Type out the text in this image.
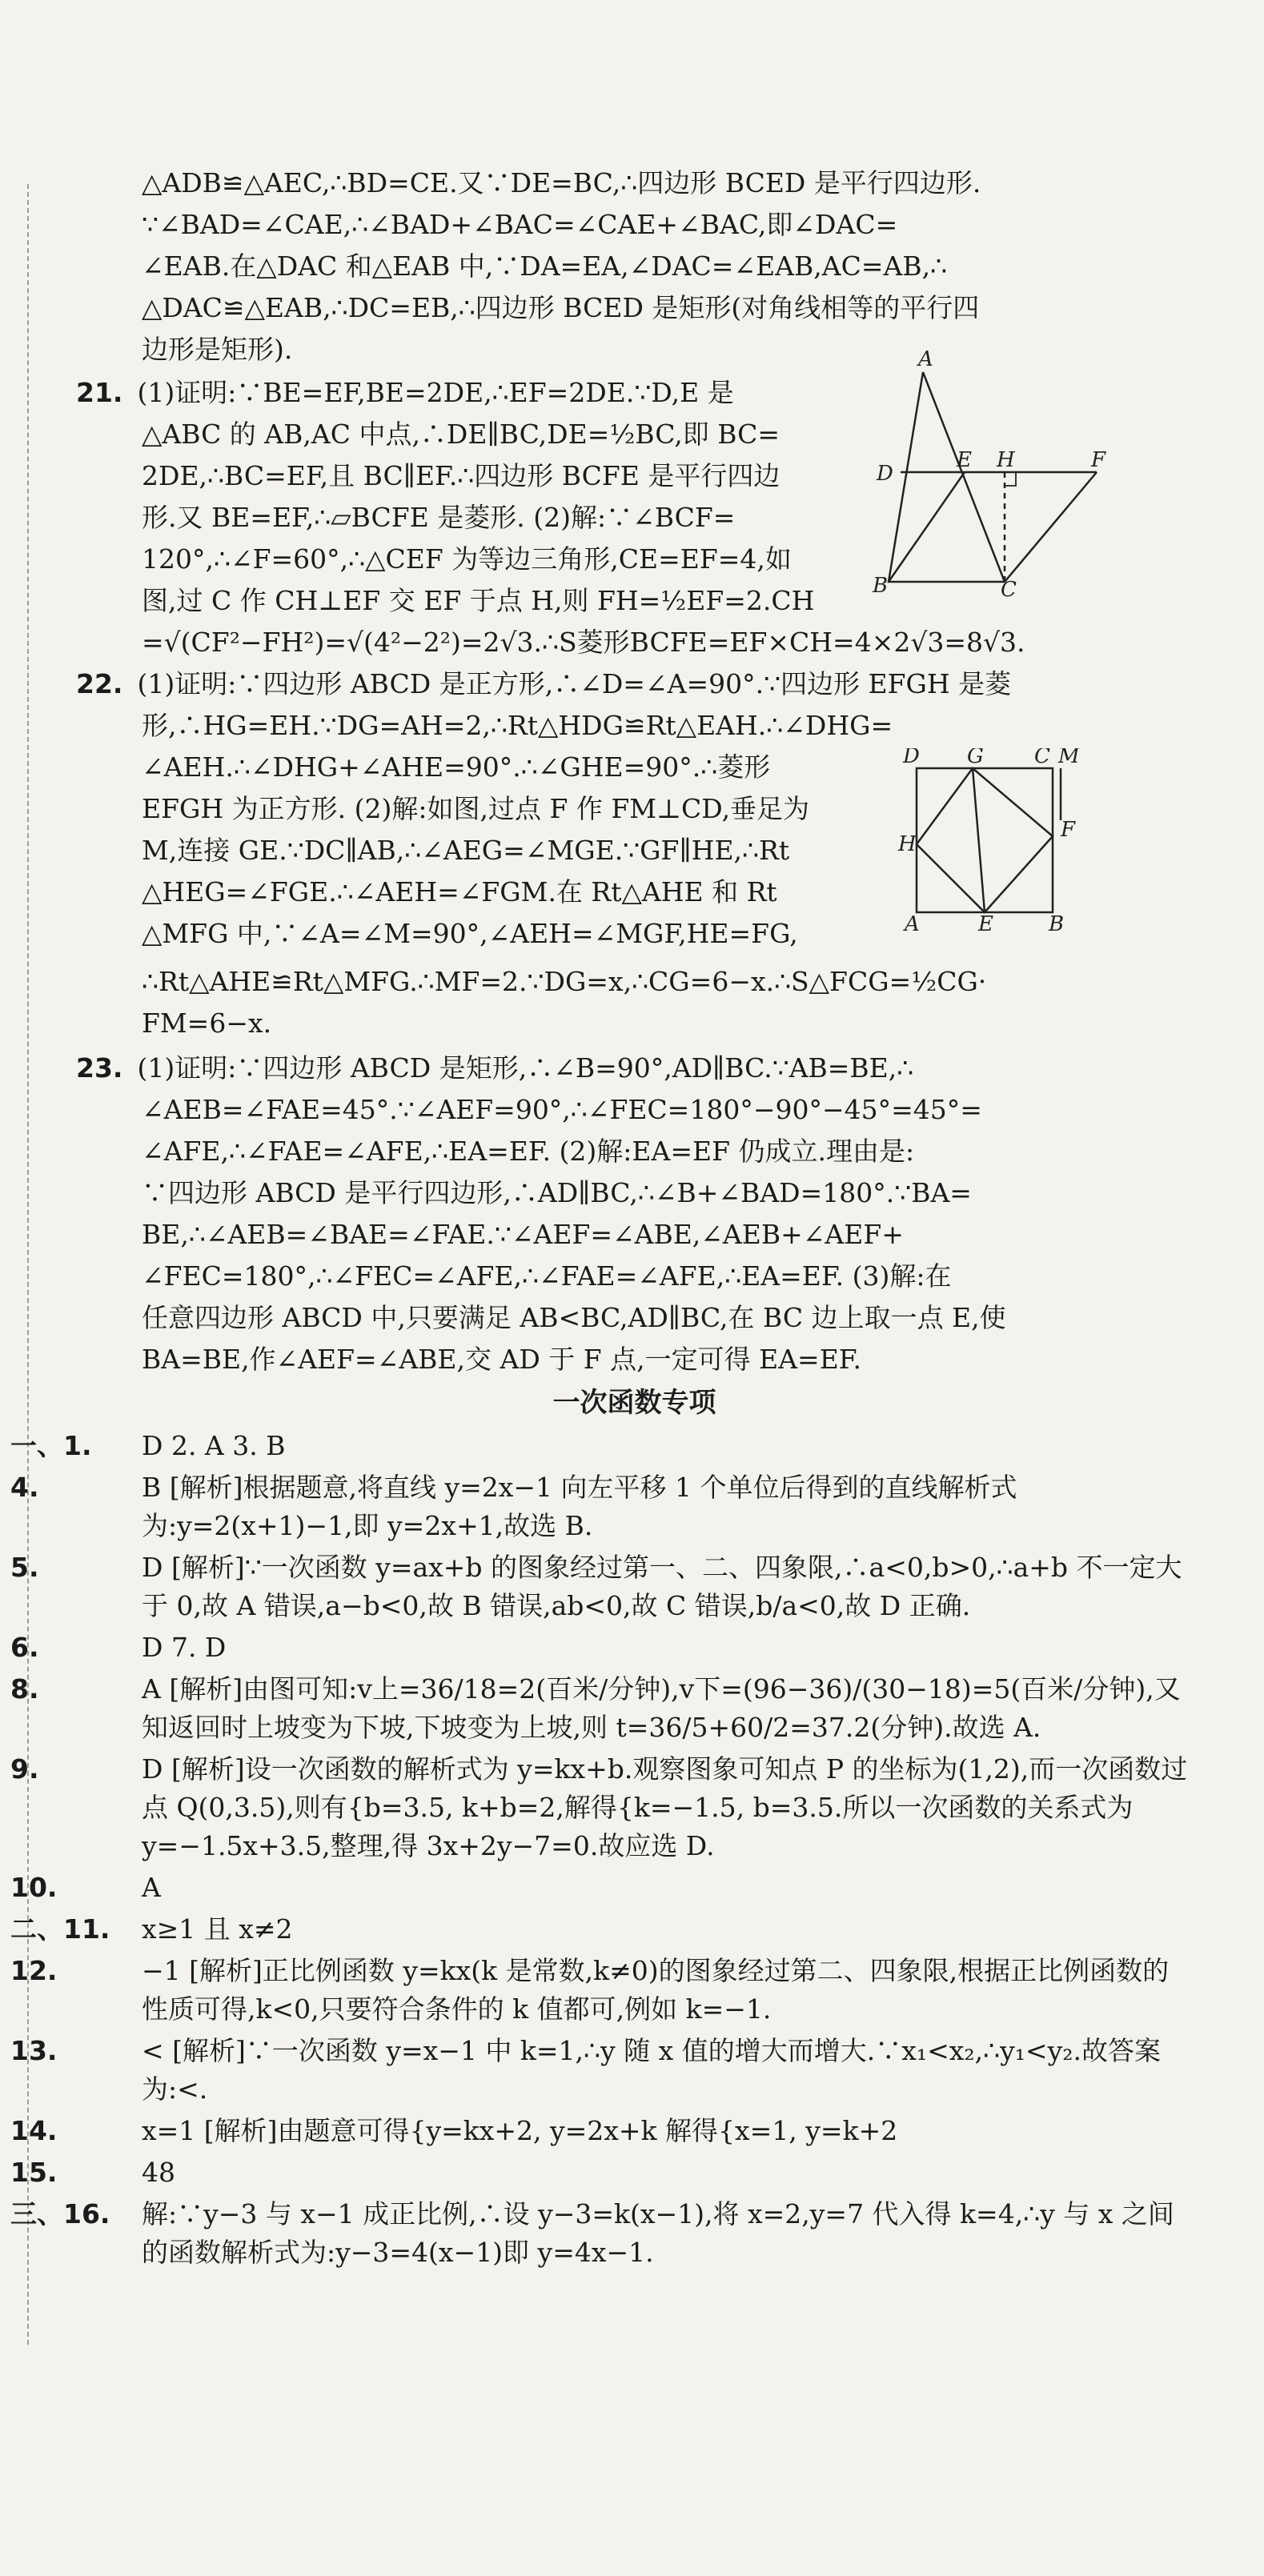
△ADB≌△AEC,∴BD=CE.又∵DE=BC,∴四边形 BCED 是平行四边形.

∵∠BAD=∠CAE,∴∠BAD+∠BAC=∠CAE+∠BAC,即∠DAC=

∠EAB.在△DAC 和△EAB 中,∵DA=EA,∠DAC=∠EAB,AC=AB,∴

△DAC≌△EAB,∴DC=EB,∴四边形 BCED 是矩形(对角线相等的平行四

边形是矩形).

21. (1)证明:∵BE=EF,BE=2DE,∴EF=2DE.∵D,E 是

△ABC 的 AB,AC 中点,∴DE∥BC,DE=½BC,即 BC=

2DE,∴BC=EF,且 BC∥EF.∴四边形 BCFE 是平行四边

形.又 BE=EF,∴▱BCFE 是菱形. (2)解:∵∠BCF=

120°,∴∠F=60°,∴△CEF 为等边三角形,CE=EF=4,如

图,过 C 作 CH⊥EF 交 EF 于点 H,则 FH=½EF=2.CH

=√(CF²−FH²)=√(4²−2²)=2√3.∴S菱形BCFE=EF×CH=4×2√3=8√3.

22. (1)证明:∵四边形 ABCD 是正方形,∴∠D=∠A=90°.∵四边形 EFGH 是菱

形,∴HG=EH.∵DG=AH=2,∴Rt△HDG≌Rt△EAH.∴∠DHG=

∠AEH.∴∠DHG+∠AHE=90°.∴∠GHE=90°.∴菱形

EFGH 为正方形. (2)解:如图,过点 F 作 FM⊥CD,垂足为

M,连接 GE.∵DC∥AB,∴∠AEG=∠MGE.∵GF∥HE,∴Rt

△HEG=∠FGE.∴∠AEH=∠FGM.在 Rt△AHE 和 Rt

△MFG 中,∵∠A=∠M=90°,∠AEH=∠MGF,HE=FG,

∴Rt△AHE≌Rt△MFG.∴MF=2.∵DG=x,∴CG=6−x.∴S△FCG=½CG·

FM=6−x.

23. (1)证明:∵四边形 ABCD 是矩形,∴∠B=90°,AD∥BC.∵AB=BE,∴

∠AEB=∠FAE=45°.∵∠AEF=90°,∴∠FEC=180°−90°−45°=45°=

∠AFE,∴∠FAE=∠AFE,∴EA=EF. (2)解:EA=EF 仍成立.理由是:

∵四边形 ABCD 是平行四边形,∴AD∥BC,∴∠B+∠BAD=180°.∵BA=

BE,∴∠AEB=∠BAE=∠FAE.∵∠AEF=∠ABE,∠AEB+∠AEF+

∠FEC=180°,∴∠FEC=∠AFE,∴∠FAE=∠AFE,∴EA=EF. (3)解:在

任意四边形 ABCD 中,只要满足 AB<BC,AD∥BC,在 BC 边上取一点 E,使

BA=BE,作∠AEF=∠ABE,交 AD 于 F 点,一定可得 EA=EF.

一次函数专项

一、1. D 2. A 3. B

4.	B [解析]根据题意,将直线 y=2x−1 向左平移 1 个单位后得到的直线解析式为:y=2(x+1)−1,即 y=2x+1,故选 B.

5.	D [解析]∵一次函数 y=ax+b 的图象经过第一、二、四象限,∴a<0,b>0,∴a+b 不一定大于 0,故 A 错误,a−b<0,故 B 错误,ab<0,故 C 错误,b/a<0,故 D 正确.

6.	D 7. D

8.	A [解析]由图可知:v上=36/18=2(百米/分钟),v下=(96−36)/(30−18)=5(百米/分钟),又知返回时上坡变为下坡,下坡变为上坡,则 t=36/5+60/2=37.2(分钟).故选 A.

9.	D [解析]设一次函数的解析式为 y=kx+b.观察图象可知点 P 的坐标为(1,2),而一次函数过点 Q(0,3.5),则有{b=3.5, k+b=2,解得{k=−1.5, b=3.5.所以一次函数的关系式为 y=−1.5x+3.5,整理,得 3x+2y−7=0.故应选 D.

10.	A

二、11. x≥1 且 x≠2

12.	−1 [解析]正比例函数 y=kx(k 是常数,k≠0)的图象经过第二、四象限,根据正比例函数的性质可得,k<0,只要符合条件的 k 值都可,例如 k=−1.

13.	< [解析]∵一次函数 y=x−1 中 k=1,∴y 随 x 值的增大而增大.∵x₁<x₂,∴y₁<y₂.故答案为:<.

14.	x=1 [解析]由题意可得{y=kx+2, y=2x+k 解得{x=1, y=k+2

15.	48

三、16. 解:∵y−3 与 x−1 成正比例,∴设 y−3=k(x−1),将 x=2,y=7 代入得 k=4,∴y 与 x 之间的函数解析式为:y−3=4(x−1)即 y=4x−1.

A
D
E H	F
B	C
D G C M
H
F
A	E	B
